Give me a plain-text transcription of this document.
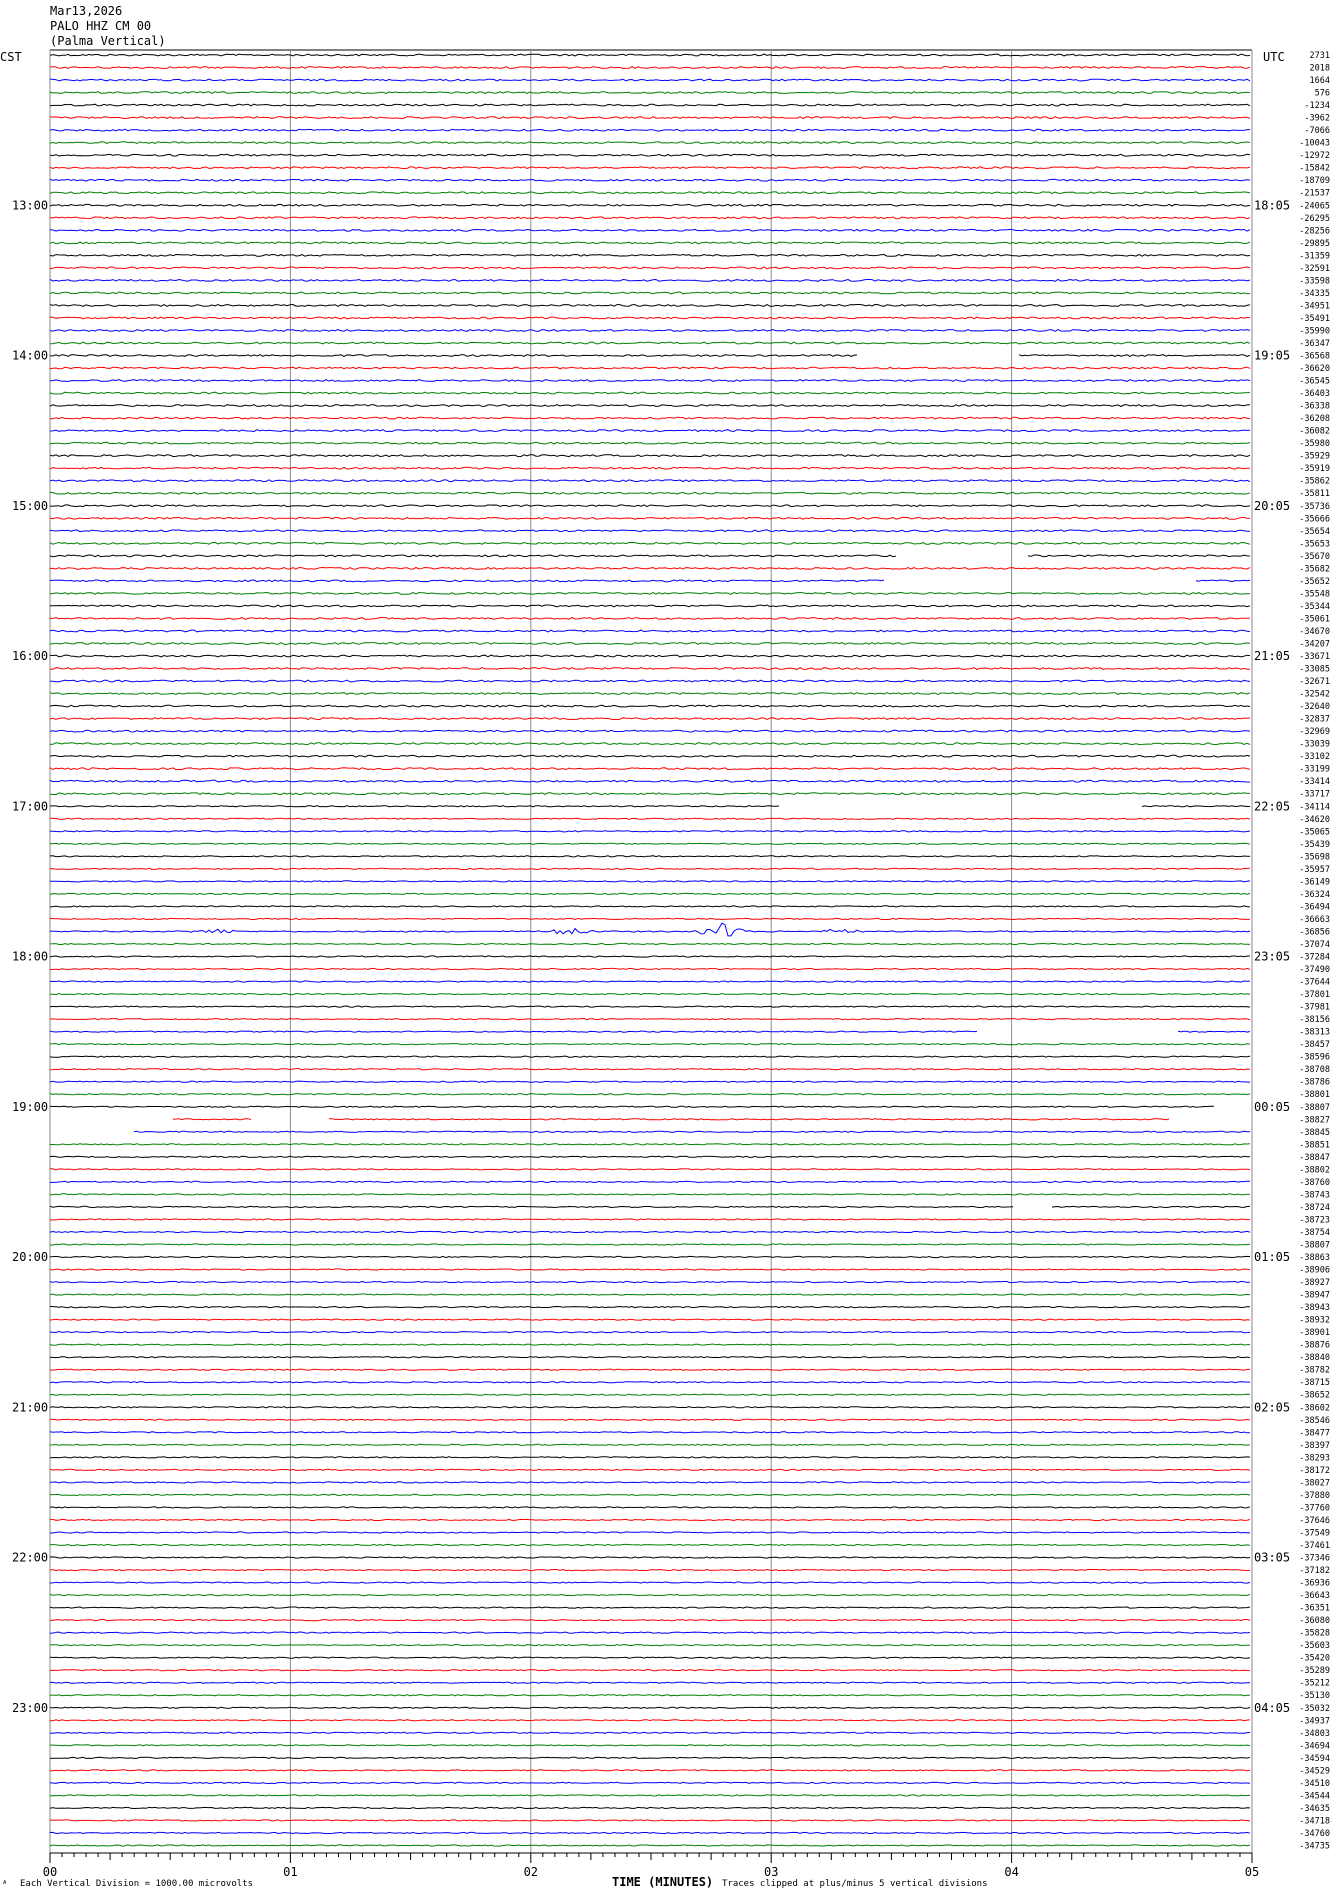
Mar13,2026
PALO HHZ CM 00
(Palma Vertical)
CST	UTC	2731
2018
1664
576
-1234
-3962
-7066
-10043
-12972
-15842
-18709
-21537
-24065
-26295
-28256
-29895
-31359
-32591
-33598
-34335
-34951
-35491
-35990
-36347
-36568
-36620
-36545
-36403
-36338
-36208
-36082
-35980
-35929
-35919
-35862
-35811
-35736
-35666
-35654
-35653
-35670
-35682
-35652
-35548
-35344
-35061
-34670
-34207
-33671
-33085
-32671
-32542
-32640
-32837
-32969
-33039
-33102
-33199
-33414
-33717
-34114
-34620
-35065
-35439
-35698
-35957
-36149
-36324
-36494
-36663
-36856
-37074
-37284
-37490
-37644
-37801
-37981
-38156
-38313
-38457
-38596
-38708
-38786
-38801
-38807
-38827
-38845
-38851
-38847
-38802
-38760
-38743
-38724
-38723
-38754
-38807
-38863
-38906
-38927
-38947
-38943
-38932
-38901
-38876
-38840
-38782
-38715
-38652
-38602
-38546
-38477
-38397
-38293
-38172
-38027
-37880
-37760
-37646
-37549
-37461
-37346
-37182
-36936
-36643
-36351
-36080
-35828
-35603
-35420
-35289
-35212
-35130
-35032
-34937
-34803
-34694
-34594
-34529
-34510
-34544
-34635
-34718
-34760
-34735
13:00	18:05
14:00	19:05
15:00	20:05
16:00	21:05
17:00	22:05
18:00	23:05
19:00	00:05
20:00	01:05
21:00	02:05
22:00	03:05
23:00	04:05
00	01	02	03	04	05
ᴬ Each Vertical Division = 1000.00 microvolts	TIME (MINUTES) Traces clipped at plus/minus 5 vertical divisions
